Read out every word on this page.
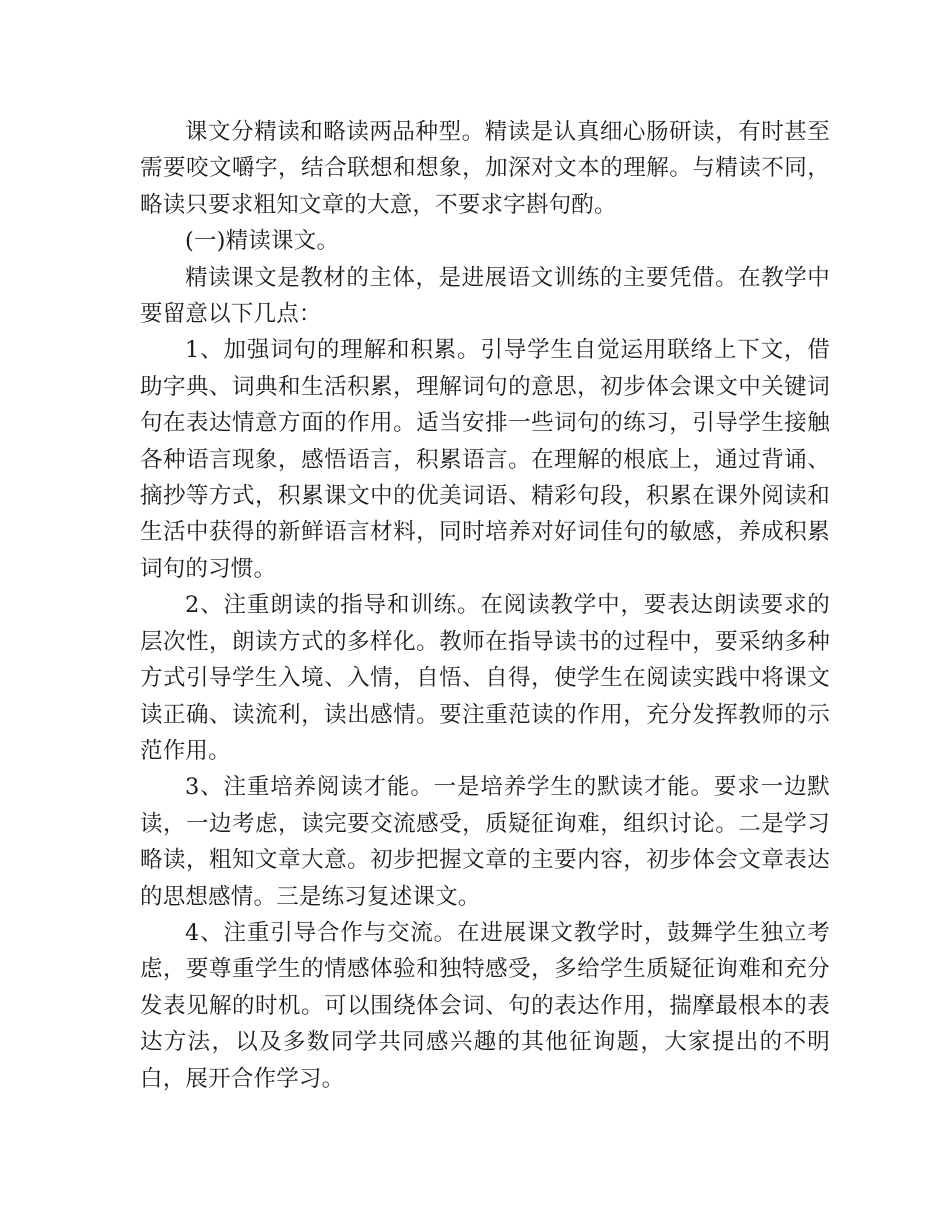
课文分精读和略读两品种型。精读是认真细心肠研读，有时甚至需要咬文嚼字，结合联想和想象，加深对文本的理解。与精读不同，略读只要求粗知文章的大意，不要求字斟句酌。

(一)精读课文。

精读课文是教材的主体，是进展语文训练的主要凭借。在教学中要留意以下几点：

1、加强词句的理解和积累。引导学生自觉运用联络上下文，借助字典、词典和生活积累，理解词句的意思，初步体会课文中关键词句在表达情意方面的作用。适当安排一些词句的练习，引导学生接触各种语言现象，感悟语言，积累语言。在理解的根底上，通过背诵、摘抄等方式，积累课文中的优美词语、精彩句段，积累在课外阅读和生活中获得的新鲜语言材料，同时培养对好词佳句的敏感，养成积累词句的习惯。

2、注重朗读的指导和训练。在阅读教学中，要表达朗读要求的层次性，朗读方式的多样化。教师在指导读书的过程中，要采纳多种方式引导学生入境、入情，自悟、自得，使学生在阅读实践中将课文读正确、读流利，读出感情。要注重范读的作用，充分发挥教师的示范作用。

3、注重培养阅读才能。一是培养学生的默读才能。要求一边默读，一边考虑，读完要交流感受，质疑征询难，组织讨论。二是学习略读，粗知文章大意。初步把握文章的主要内容，初步体会文章表达的思想感情。三是练习复述课文。

4、注重引导合作与交流。在进展课文教学时，鼓舞学生独立考虑，要尊重学生的情感体验和独特感受，多给学生质疑征询难和充分发表见解的时机。可以围绕体会词、句的表达作用，揣摩最根本的表达方法，以及多数同学共同感兴趣的其他征询题，大家提出的不明白，展开合作学习。
